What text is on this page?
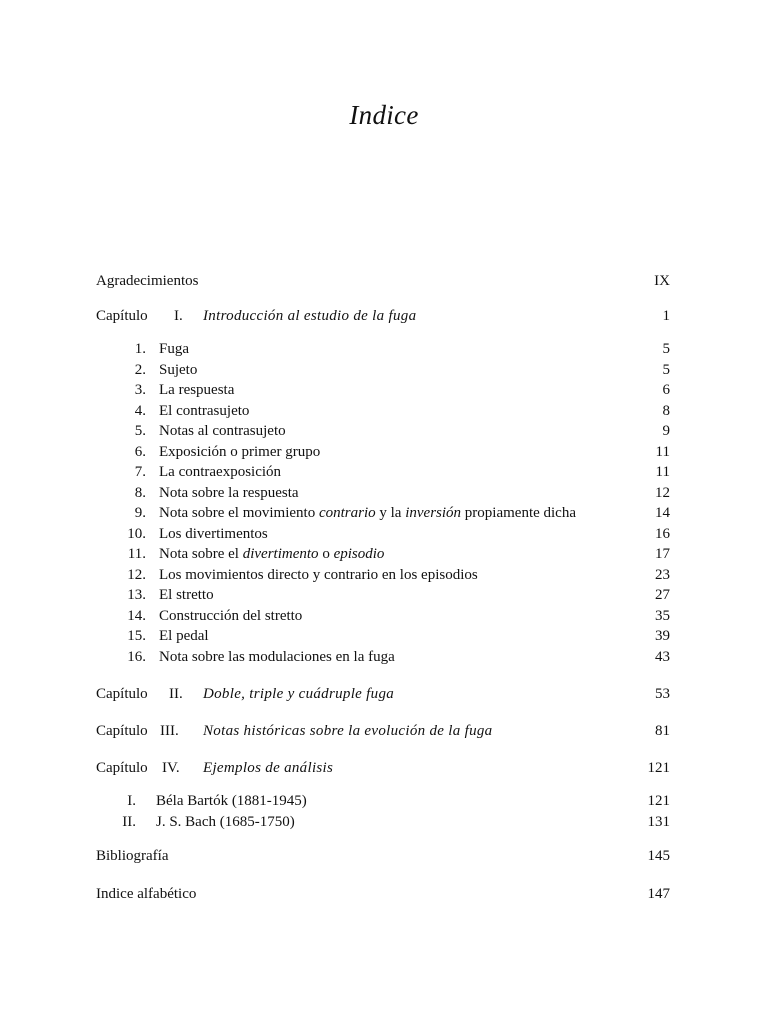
Indice
Agradecimientos	IX
Capítulo I. Introducción al estudio de la fuga	1
1. Fuga	5
2. Sujeto	5
3. La respuesta	6
4. El contrasujeto	8
5. Notas al contrasujeto	9
6. Exposición o primer grupo	11
7. La contraexposición	11
8. Nota sobre la respuesta	12
9. Nota sobre el movimiento contrario y la inversión propiamente dicha	14
10. Los divertimentos	16
11. Nota sobre el divertimento o episodio	17
12. Los movimientos directo y contrario en los episodios	23
13. El stretto	27
14. Construcción del stretto	35
15. El pedal	39
16. Nota sobre las modulaciones en la fuga	43
Capítulo II. Doble, triple y cuádruple fuga	53
Capítulo III. Notas históricas sobre la evolución de la fuga	81
Capítulo IV. Ejemplos de análisis	121
I. Béla Bartók (1881-1945)	121
II. J. S. Bach (1685-1750)	131
Bibliografía	145
Indice alfabético	147
